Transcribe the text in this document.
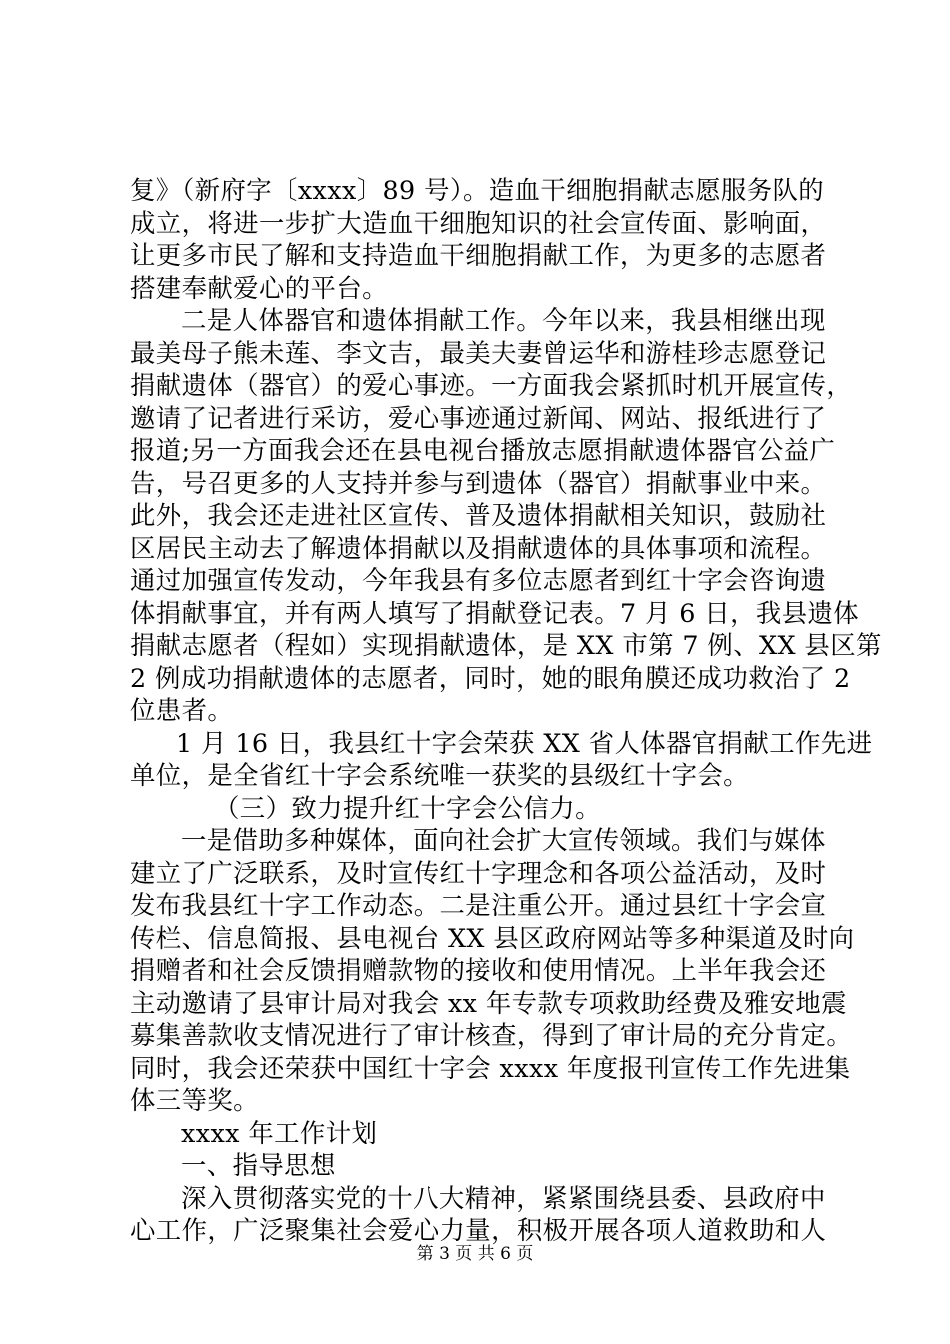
复》（新府字〔xxxx〕89 号）。造血干细胞捐献志愿服务队的
成立，将进一步扩大造血干细胞知识的社会宣传面、影响面，
让更多市民了解和支持造血干细胞捐献工作，为更多的志愿者
搭建奉献爱心的平台。
二是人体器官和遗体捐献工作。今年以来，我县相继出现
最美母子熊未莲、李文吉，最美夫妻曾运华和游桂珍志愿登记
捐献遗体（器官）的爱心事迹。一方面我会紧抓时机开展宣传，
邀请了记者进行采访，爱心事迹通过新闻、网站、报纸进行了
报道;另一方面我会还在县电视台播放志愿捐献遗体器官公益广
告，号召更多的人支持并参与到遗体（器官）捐献事业中来。
此外，我会还走进社区宣传、普及遗体捐献相关知识，鼓励社
区居民主动去了解遗体捐献以及捐献遗体的具体事项和流程。
通过加强宣传发动，今年我县有多位志愿者到红十字会咨询遗
体捐献事宜，并有两人填写了捐献登记表。7 月 6 日，我县遗体
捐献志愿者（程如）实现捐献遗体，是 XX 市第 7 例、XX 县区第
2 例成功捐献遗体的志愿者，同时，她的眼角膜还成功救治了 2
位患者。
1 月 16 日，我县红十字会荣获 XX 省人体器官捐献工作先进
单位，是全省红十字会系统唯一获奖的县级红十字会。
（三）致力提升红十字会公信力。
一是借助多种媒体，面向社会扩大宣传领域。我们与媒体
建立了广泛联系，及时宣传红十字理念和各项公益活动，及时
发布我县红十字工作动态。二是注重公开。通过县红十字会宣
传栏、信息简报、县电视台 XX 县区政府网站等多种渠道及时向
捐赠者和社会反馈捐赠款物的接收和使用情况。上半年我会还
主动邀请了县审计局对我会 xx 年专款专项救助经费及雅安地震
募集善款收支情况进行了审计核查，得到了审计局的充分肯定。
同时，我会还荣获中国红十字会 xxxx 年度报刊宣传工作先进集
体三等奖。
xxxx 年工作计划
一、指导思想
深入贯彻落实党的十八大精神，紧紧围绕县委、县政府中
心工作，广泛聚集社会爱心力量，积极开展各项人道救助和人
第 3 页 共 6 页
